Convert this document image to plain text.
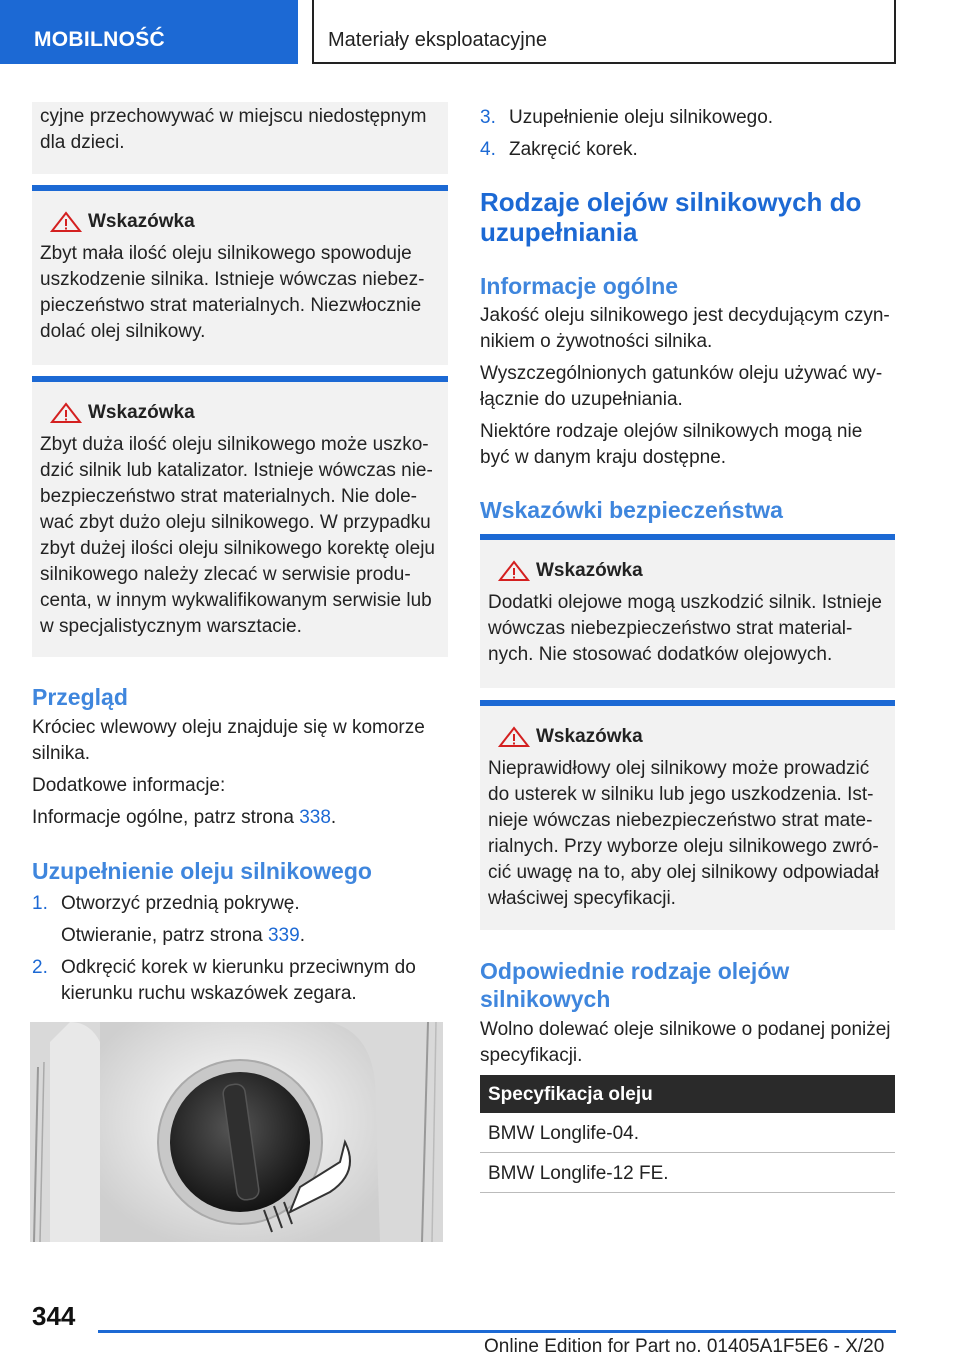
MOBILNOŚĆ	Materiały eksploatacyjne
cyjne przechowywać w miejscu niedostępnym
dla dzieci.
Wskazówka
Zbyt mała ilość oleju silnikowego spowoduje
uszkodzenie silnika. Istnieje wówczas niebez-
pieczeństwo strat materialnych. Niezwłocznie
dolać olej silnikowy.
Wskazówka
Zbyt duża ilość oleju silnikowego może uszko-
dzić silnik lub katalizator. Istnieje wówczas nie-
bezpieczeństwo strat materialnych. Nie dole-
wać zbyt dużo oleju silnikowego. W przypadku
zbyt dużej ilości oleju silnikowego korektę oleju
silnikowego należy zlecać w serwisie produ-
centa, w innym wykwalifikowanym serwisie lub
w specjalistycznym warsztacie.
Przegląd
Króciec wlewowy oleju znajduje się w komorze
silnika.
Dodatkowe informacje:
Informacje ogólne, patrz strona 338.
Uzupełnienie oleju silnikowego
1. Otworzyć przednią pokrywę.
Otwieranie, patrz strona 339.
2. Odkręcić korek w kierunku przeciwnym do
kierunku ruchu wskazówek zegara.
3. Uzupełnienie oleju silnikowego.
4. Zakręcić korek.
Rodzaje olejów silnikowych do
uzupełniania
Informacje ogólne
Jakość oleju silnikowego jest decydującym czyn-
nikiem o żywotności silnika.
Wyszczególnionych gatunków oleju używać wy-
łącznie do uzupełniania.
Niektóre rodzaje olejów silnikowych mogą nie
być w danym kraju dostępne.
Wskazówki bezpieczeństwa
Wskazówka
Dodatki olejowe mogą uszkodzić silnik. Istnieje
wówczas niebezpieczeństwo strat material-
nych. Nie stosować dodatków olejowych.
Wskazówka
Nieprawidłowy olej silnikowy może prowadzić
do usterek w silniku lub jego uszkodzenia. Ist-
nieje wówczas niebezpieczeństwo strat mate-
rialnych. Przy wyborze oleju silnikowego zwró-
cić uwagę na to, aby olej silnikowy odpowiadał
właściwej specyfikacji.
Odpowiednie rodzaje olejów
silnikowych
Wolno dolewać oleje silnikowe o podanej poniżej
specyfikacji.
Specyfikacja oleju
BMW Longlife-04.
BMW Longlife-12 FE.
344
Online Edition for Part no. 01405A1F5E6 - X/20
